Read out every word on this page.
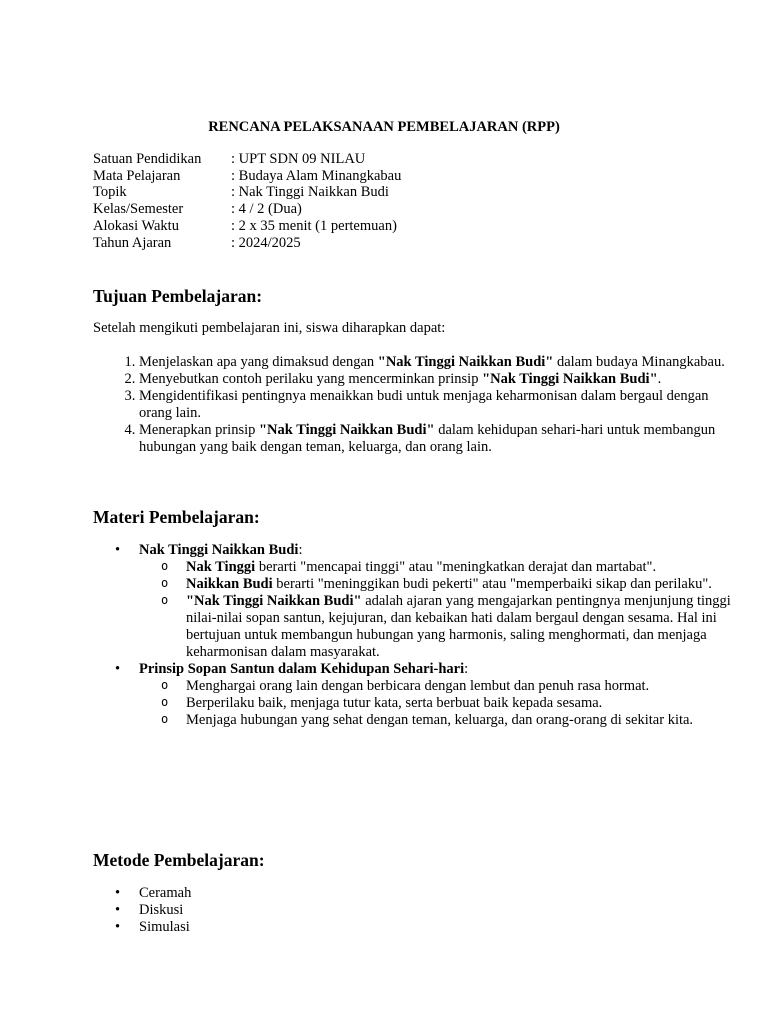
RENCANA PELAKSANAAN PEMBELAJARAN (RPP)
Satuan Pendidikan	: UPT SDN 09 NILAU
Mata Pelajaran	: Budaya Alam Minangkabau
Topik	: Nak Tinggi Naikkan Budi
Kelas/Semester	: 4 / 2 (Dua)
Alokasi Waktu	: 2 x 35 menit (1 pertemuan)
Tahun Ajaran	: 2024/2025
Tujuan Pembelajaran:

Setelah mengikuti pembelajaran ini, siswa diharapkan dapat:

1. Menjelaskan apa yang dimaksud dengan "Nak Tinggi Naikkan Budi" dalam budaya Minangkabau.
2. Menyebutkan contoh perilaku yang mencerminkan prinsip "Nak Tinggi Naikkan Budi".
3. Mengidentifikasi pentingnya menaikkan budi untuk menjaga keharmonisan dalam bergaul dengan orang lain.
4. Menerapkan prinsip "Nak Tinggi Naikkan Budi" dalam kehidupan sehari-hari untuk membangun hubungan yang baik dengan teman, keluarga, dan orang lain.
Materi Pembelajaran:
• Nak Tinggi Naikkan Budi:
o Nak Tinggi berarti "mencapai tinggi" atau "meningkatkan derajat dan martabat".
o Naikkan Budi berarti "meninggikan budi pekerti" atau "memperbaiki sikap dan perilaku".
o "Nak Tinggi Naikkan Budi" adalah ajaran yang mengajarkan pentingnya menjunjung tinggi nilai-nilai sopan santun, kejujuran, dan kebaikan hati dalam bergaul dengan sesama. Hal ini bertujuan untuk membangun hubungan yang harmonis, saling menghormati, dan menjaga keharmonisan dalam masyarakat.
• Prinsip Sopan Santun dalam Kehidupan Sehari-hari:
o Menghargai orang lain dengan berbicara dengan lembut dan penuh rasa hormat.
o Berperilaku baik, menjaga tutur kata, serta berbuat baik kepada sesama.
o Menjaga hubungan yang sehat dengan teman, keluarga, dan orang-orang di sekitar kita.
Metode Pembelajaran:
• Ceramah
• Diskusi
• Simulasi
